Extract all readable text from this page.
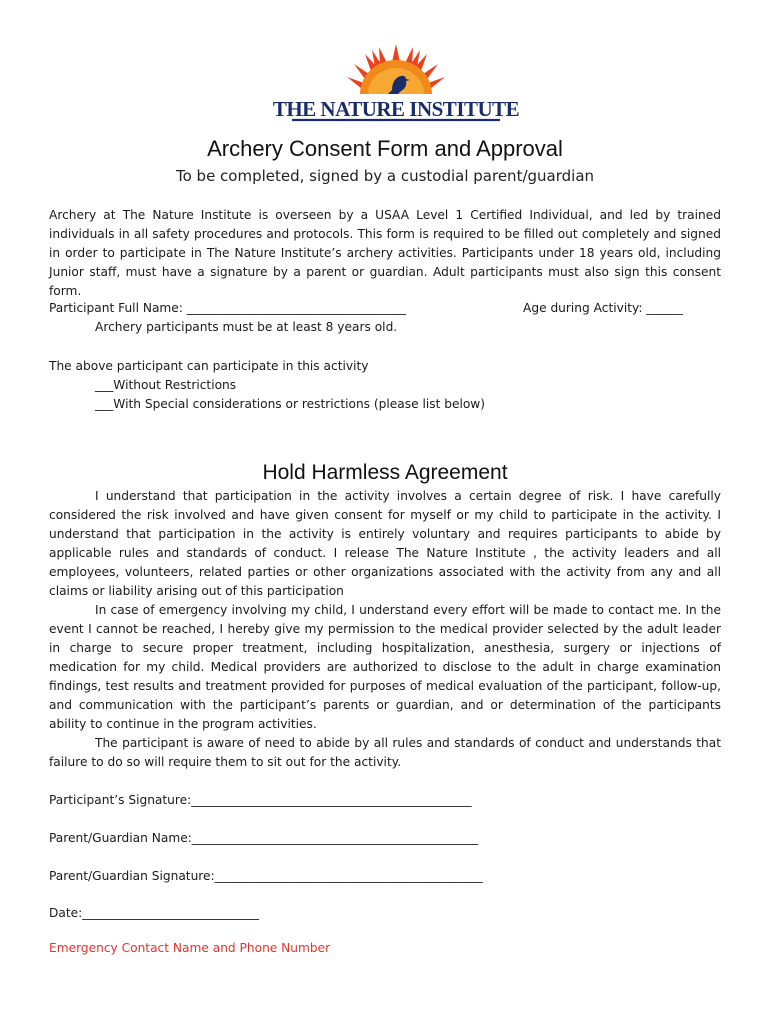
THE NATURE INSTITUTE
Archery Consent Form and Approval
To be completed, signed by a custodial parent/guardian
Archery at The Nature Institute is overseen by a USAA Level 1 Certified Individual, and led by trained individuals in all safety procedures and protocols. This form is required to be filled out completely and signed in order to participate in The Nature Institute’s archery activities. Participants under 18 years old, including Junior staff, must have a signature by a parent or guardian. Adult participants must also sign this consent form.
Participant Full Name: ____________________________________	Age during Activity: ______
Archery participants must be at least 8 years old.
The above participant can participate in this activity
___Without Restrictions
___With Special considerations or restrictions (please list below)
Hold Harmless Agreement

I understand that participation in the activity involves a certain degree of risk. I have carefully considered the risk involved and have given consent for myself or my child to participate in the activity. I understand that participation in the activity is entirely voluntary and requires participants to abide by applicable rules and standards of conduct. I release The Nature Institute , the activity leaders and all employees, volunteers, related parties or other organizations associated with the activity from any and all claims or liability arising out of this participation

In case of emergency involving my child, I understand every effort will be made to contact me. In the event I cannot be reached, I hereby give my permission to the medical provider selected by the adult leader in charge to secure proper treatment, including hospitalization, anesthesia, surgery or injections of medication for my child. Medical providers are authorized to disclose to the adult in charge examination findings, test results and treatment provided for purposes of medical evaluation of the participant, follow-up, and communication with the participant’s parents or guardian, and or determination of the participants ability to continue in the program activities.

The participant is aware of need to abide by all rules and standards of conduct and understands that failure to do so will require them to sit out for the activity.

Participant’s Signature:______________________________________________
Parent/Guardian Name:_______________________________________________
Parent/Guardian Signature:____________________________________________
Date:_____________________________
Emergency Contact Name and Phone Number
